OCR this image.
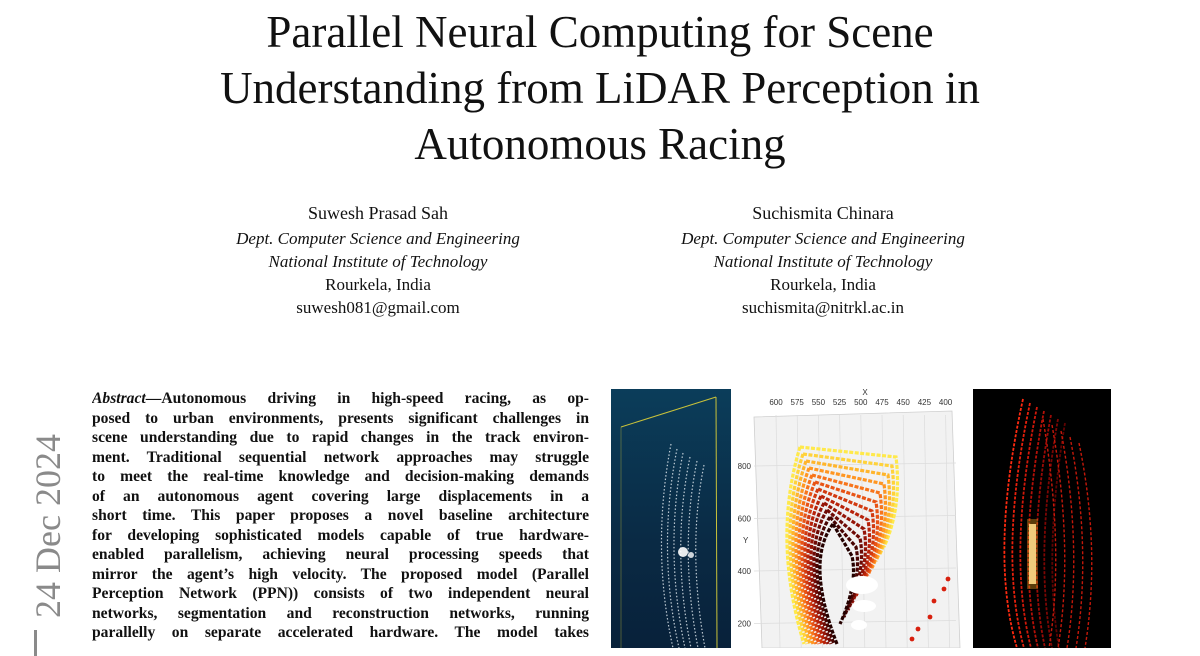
Parallel Neural Computing for Scene
Understanding from LiDAR Perception in
Autonomous Racing
Suwesh Prasad Sah
Dept. Computer Science and Engineering
National Institute of Technology
Rourkela, India
suwesh081@gmail.com
Suchismita Chinara
Dept. Computer Science and Engineering
National Institute of Technology
Rourkela, India
suchismita@nitrkl.ac.in
24 Dec 2024
Abstract—Autonomous driving in high-speed racing, as op-
posed to urban environments, presents significant challenges in
scene understanding due to rapid changes in the track environ-
ment. Traditional sequential network approaches may struggle
to meet the real-time knowledge and decision-making demands
of an autonomous agent covering large displacements in a
short time. This paper proposes a novel baseline architecture
for developing sophisticated models capable of true hardware-
enabled parallelism, achieving neural processing speeds that
mirror the agent’s high velocity. The proposed model (Parallel
Perception Network (PPN)) consists of two independent neural
networks, segmentation and reconstruction networks, running
parallelly on separate accelerated hardware. The model takes
X
Y
600 575 550 525 500 475 450 425 400
800
600
400
200
